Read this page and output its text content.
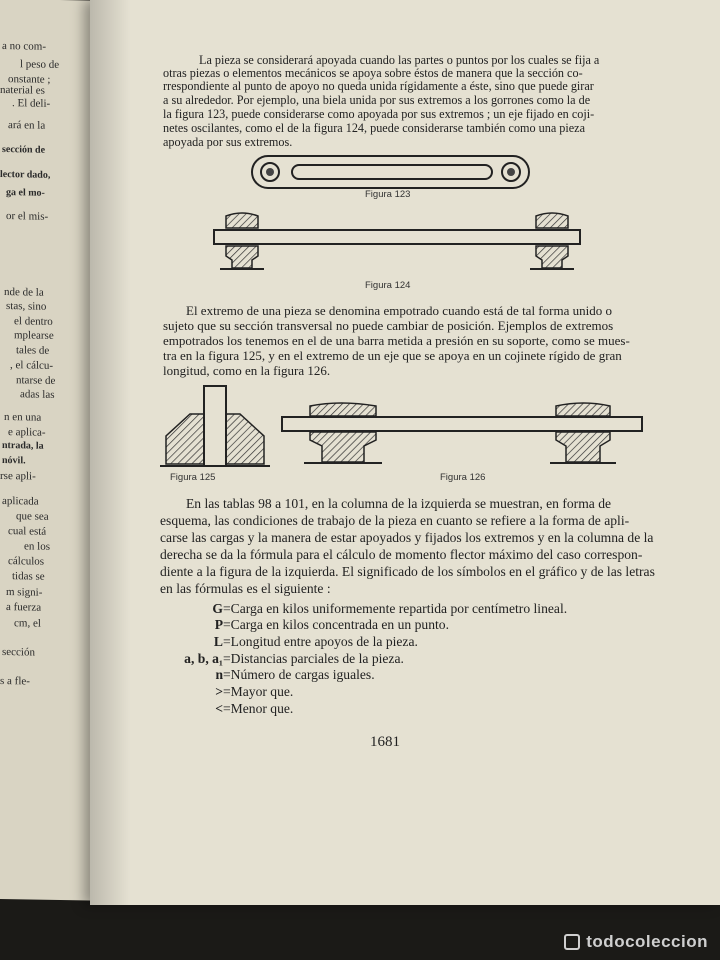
a no com-
l peso de
onstante ;
naterial es
. El deli-
ará en la
sección de
lector dado,
ga el mo-
or el mis-
nde de la
stas, sino
el dentro
mplearse
tales de
, el cálcu-
ntarse de
adas las
n en una
e aplica-
ntrada, la
nóvil.
rse apli-
aplicada
que sea
cual está
en los
cálculos
tidas se
m signi-
a fuerza
cm, el
sección
s a fle-
La pieza se considerará apoyada cuando las partes o puntos por los cuales se fija a
otras piezas o elementos mecánicos se apoya sobre éstos de manera que la sección co-
rrespondiente al punto de apoyo no queda unida rígidamente a éste, sino que puede girar
a su alrededor. Por ejemplo, una biela unida por sus extremos a los gorrones como la de
la figura 123, puede considerarse como apoyada por sus extremos ; un eje fijado en coji-
netes oscilantes, como el de la figura 124, puede considerarse también como una pieza
apoyada por sus extremos.
Figura 123
Figura 124
El extremo de una pieza se denomina empotrado cuando está de tal forma unido o
sujeto que su sección transversal no puede cambiar de posición. Ejemplos de extremos
empotrados los tenemos en el de una barra metida a presión en su soporte, como se mues-
tra en la figura 125, y en el extremo de un eje que se apoya en un cojinete rígido de gran
longitud, como en la figura 126.
Figura 125	Figura 126
En las tablas 98 a 101, en la columna de la izquierda se muestran, en forma de
esquema, las condiciones de trabajo de la pieza en cuanto se refiere a la forma de apli-
carse las cargas y la manera de estar apoyados y fijados los extremos y en la columna de la
derecha se da la fórmula para el cálculo de momento flector máximo del caso correspon-
diente a la figura de la izquierda. El significado de los símbolos en el gráfico y de las letras
en las fórmulas es el siguiente :
G =Carga en kilos uniformemente repartida por centímetro lineal.
P =Carga en kilos concentrada en un punto.
L =Longitud entre apoyos de la pieza.
a, b, a₁ =Distancias parciales de la pieza.
n =Número de cargas iguales.
> =Mayor que.
< =Menor que.
1681
todocoleccion
